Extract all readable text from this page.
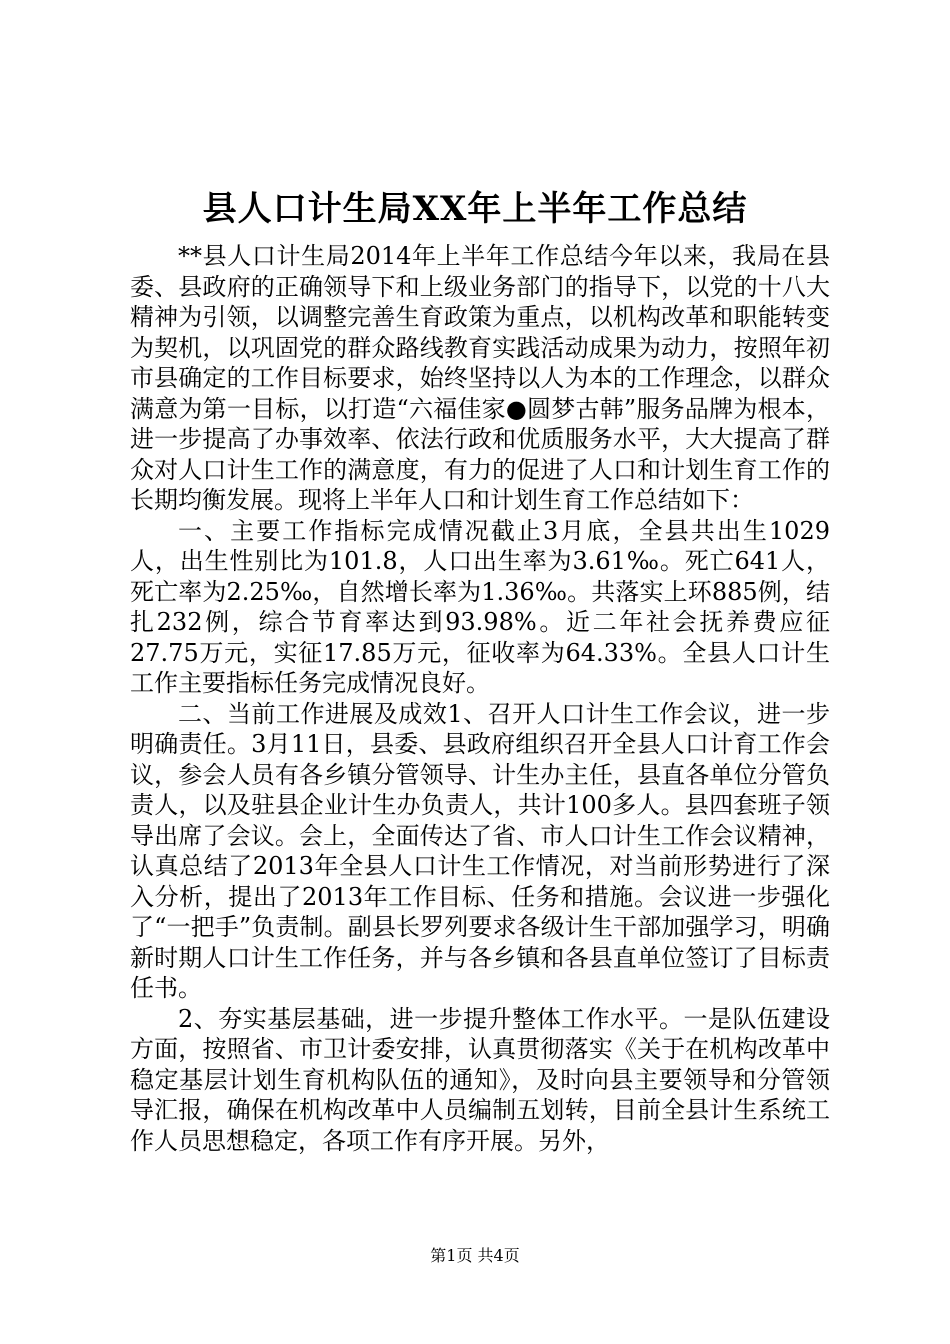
县人口计生局XX年上半年工作总结

**县人口计生局2014年上半年工作总结今年以来，我局在县委、县政府的正确领导下和上级业务部门的指导下，以党的十八大精神为引领，以调整完善生育政策为重点，以机构改革和职能转变为契机，以巩固党的群众路线教育实践活动成果为动力，按照年初市县确定的工作目标要求，始终坚持以人为本的工作理念，以群众满意为第一目标，以打造“六福佳家●圆梦古韩”服务品牌为根本，进一步提高了办事效率、依法行政和优质服务水平，大大提高了群众对人口计生工作的满意度，有力的促进了人口和计划生育工作的长期均衡发展。现将上半年人口和计划生育工作总结如下：

一、主要工作指标完成情况截止3月底，全县共出生1029人，出生性别比为101.8，人口出生率为3.61‰。死亡641人，死亡率为2.25‰，自然增长率为1.36‰。共落实上环885例，结扎232例，综合节育率达到93.98%。近二年社会抚养费应征27.75万元，实征17.85万元，征收率为64.33%。全县人口计生工作主要指标任务完成情况良好。

二、当前工作进展及成效1、召开人口计生工作会议，进一步明确责任。3月11日，县委、县政府组织召开全县人口计育工作会议，参会人员有各乡镇分管领导、计生办主任，县直各单位分管负责人，以及驻县企业计生办负责人，共计100多人。县四套班子领导出席了会议。会上，全面传达了省、市人口计生工作会议精神，认真总结了2013年全县人口计生工作情况，对当前形势进行了深入分析，提出了2013年工作目标、任务和措施。会议进一步强化了“一把手”负责制。副县长罗列要求各级计生干部加强学习，明确新时期人口计生工作任务，并与各乡镇和各县直单位签订了目标责任书。

2、夯实基层基础，进一步提升整体工作水平。一是队伍建设方面，按照省、市卫计委安排，认真贯彻落实《关于在机构改革中稳定基层计划生育机构队伍的通知》，及时向县主要领导和分管领导汇报，确保在机构改革中人员编制五划转，目前全县计生系统工作人员思想稳定，各项工作有序开展。另外，

第1页 共4页
